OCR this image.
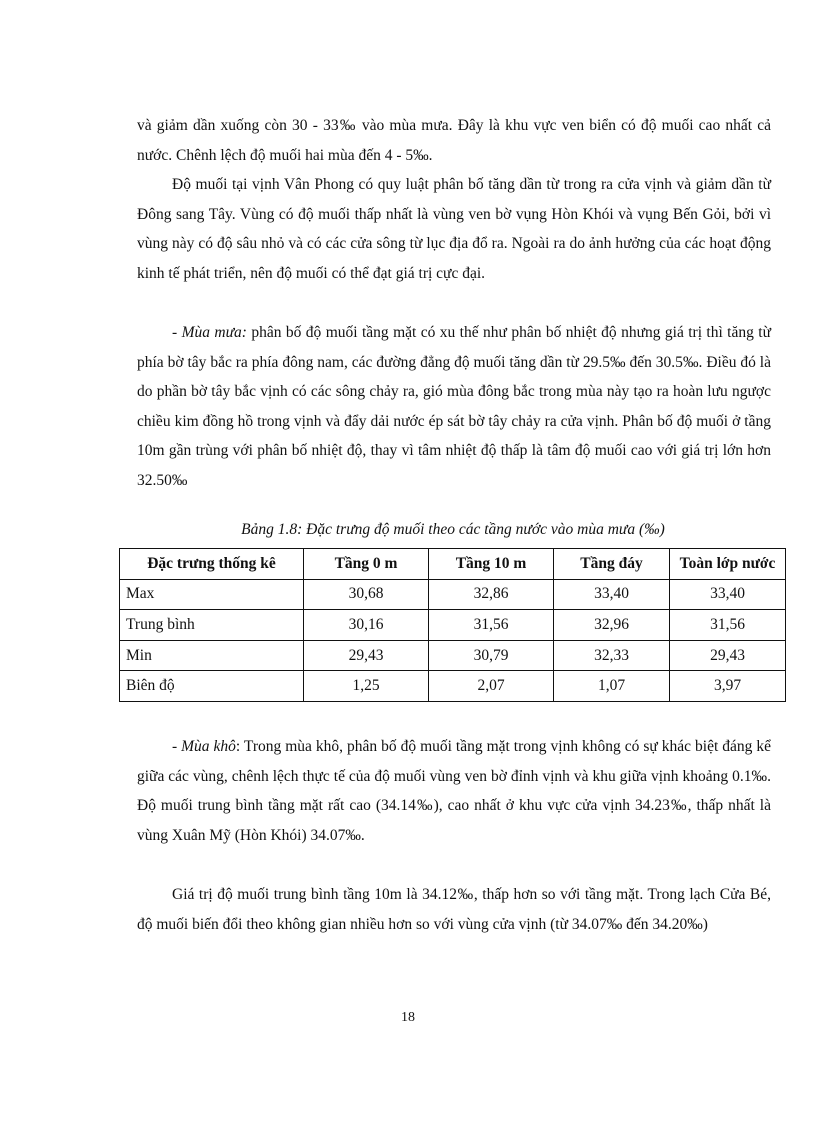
và giảm dần xuống còn 30 - 33‰ vào mùa mưa. Đây là khu vực ven biển có độ muối cao nhất cả nước. Chênh lệch độ muối hai mùa đến 4 - 5‰.

Độ muối tại vịnh Vân Phong có quy luật phân bố tăng dần từ trong ra cửa vịnh và giảm dần từ Đông sang Tây. Vùng có độ muối thấp nhất là vùng ven bờ vụng Hòn Khói và vụng Bến Gỏi, bởi vì vùng này có độ sâu nhỏ và có các cửa sông từ lục địa đổ ra. Ngoài ra do ảnh hưởng của các hoạt động kinh tế phát triển, nên độ muối có thể đạt giá trị cực đại.

- Mùa mưa: phân bố độ muối tầng mặt có xu thế như phân bố nhiệt độ nhưng giá trị thì tăng từ phía bờ tây bắc ra phía đông nam, các đường đẳng độ muối tăng dần từ 29.5‰ đến 30.5‰. Điều đó là do phần bờ tây bắc vịnh có các sông chảy ra, gió mùa đông bắc trong mùa này tạo ra hoàn lưu ngược chiều kim đồng hồ trong vịnh và đẩy dải nước ép sát bờ tây chảy ra cửa vịnh. Phân bố độ muối ở tầng 10m gần trùng với phân bố nhiệt độ, thay vì tâm nhiệt độ thấp là tâm độ muối cao với giá trị lớn hơn 32.50‰

Bảng 1.8: Đặc trưng độ muối theo các tầng nước vào mùa mưa (‰)

Đặc trưng thống kê	Tầng 0 m	Tầng 10 m	Tầng đáy	Toàn lớp nước
Max	30,68	32,86	33,40	33,40
Trung bình	30,16	31,56	32,96	31,56
Min	29,43	30,79	32,33	29,43
Biên độ	1,25	2,07	1,07	3,97

- Mùa khô: Trong mùa khô, phân bố độ muối tầng mặt trong vịnh không có sự khác biệt đáng kể giữa các vùng, chênh lệch thực tế của độ muối vùng ven bờ đỉnh vịnh và khu giữa vịnh khoảng 0.1‰. Độ muối trung bình tầng mặt rất cao (34.14‰), cao nhất ở khu vực cửa vịnh 34.23‰, thấp nhất là vùng Xuân Mỹ (Hòn Khói) 34.07‰.

Giá trị độ muối trung bình tầng 10m là 34.12‰, thấp hơn so với tầng mặt. Trong lạch Cửa Bé, độ muối biến đổi theo không gian nhiều hơn so với vùng cửa vịnh (từ 34.07‰ đến 34.20‰)

18
